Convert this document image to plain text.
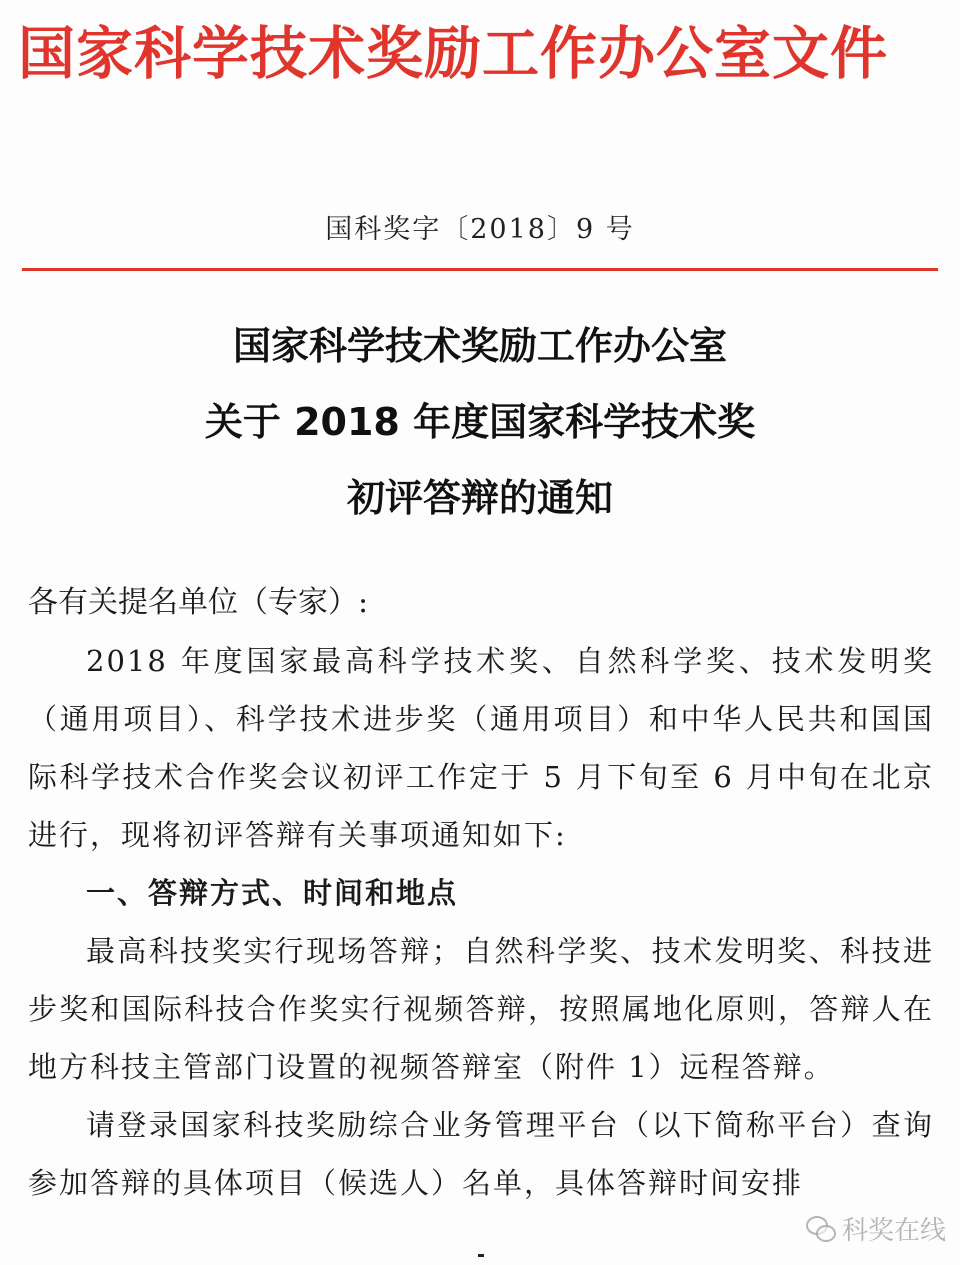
国家科学技术奖励工作办公室文件
国科奖字〔2018〕9 号
国家科学技术奖励工作办公室
关于 2018 年度国家科学技术奖
初评答辩的通知
各有关提名单位（专家）:

2018 年度国家最高科学技术奖、自然科学奖、技术发明奖（通用项目）、科学技术进步奖（通用项目）和中华人民共和国国际科学技术合作奖会议初评工作定于 5 月下旬至 6 月中旬在北京进行，现将初评答辩有关事项通知如下:

一、答辩方式、时间和地点

最高科技奖实行现场答辩；自然科学奖、技术发明奖、科技进步奖和国际科技合作奖实行视频答辩，按照属地化原则，答辩人在地方科技主管部门设置的视频答辩室（附件 1）远程答辩。

请登录国家科技奖励综合业务管理平台（以下简称平台）查询参加答辩的具体项目（候选人）名单，具体答辩时间安排

科奖在线
